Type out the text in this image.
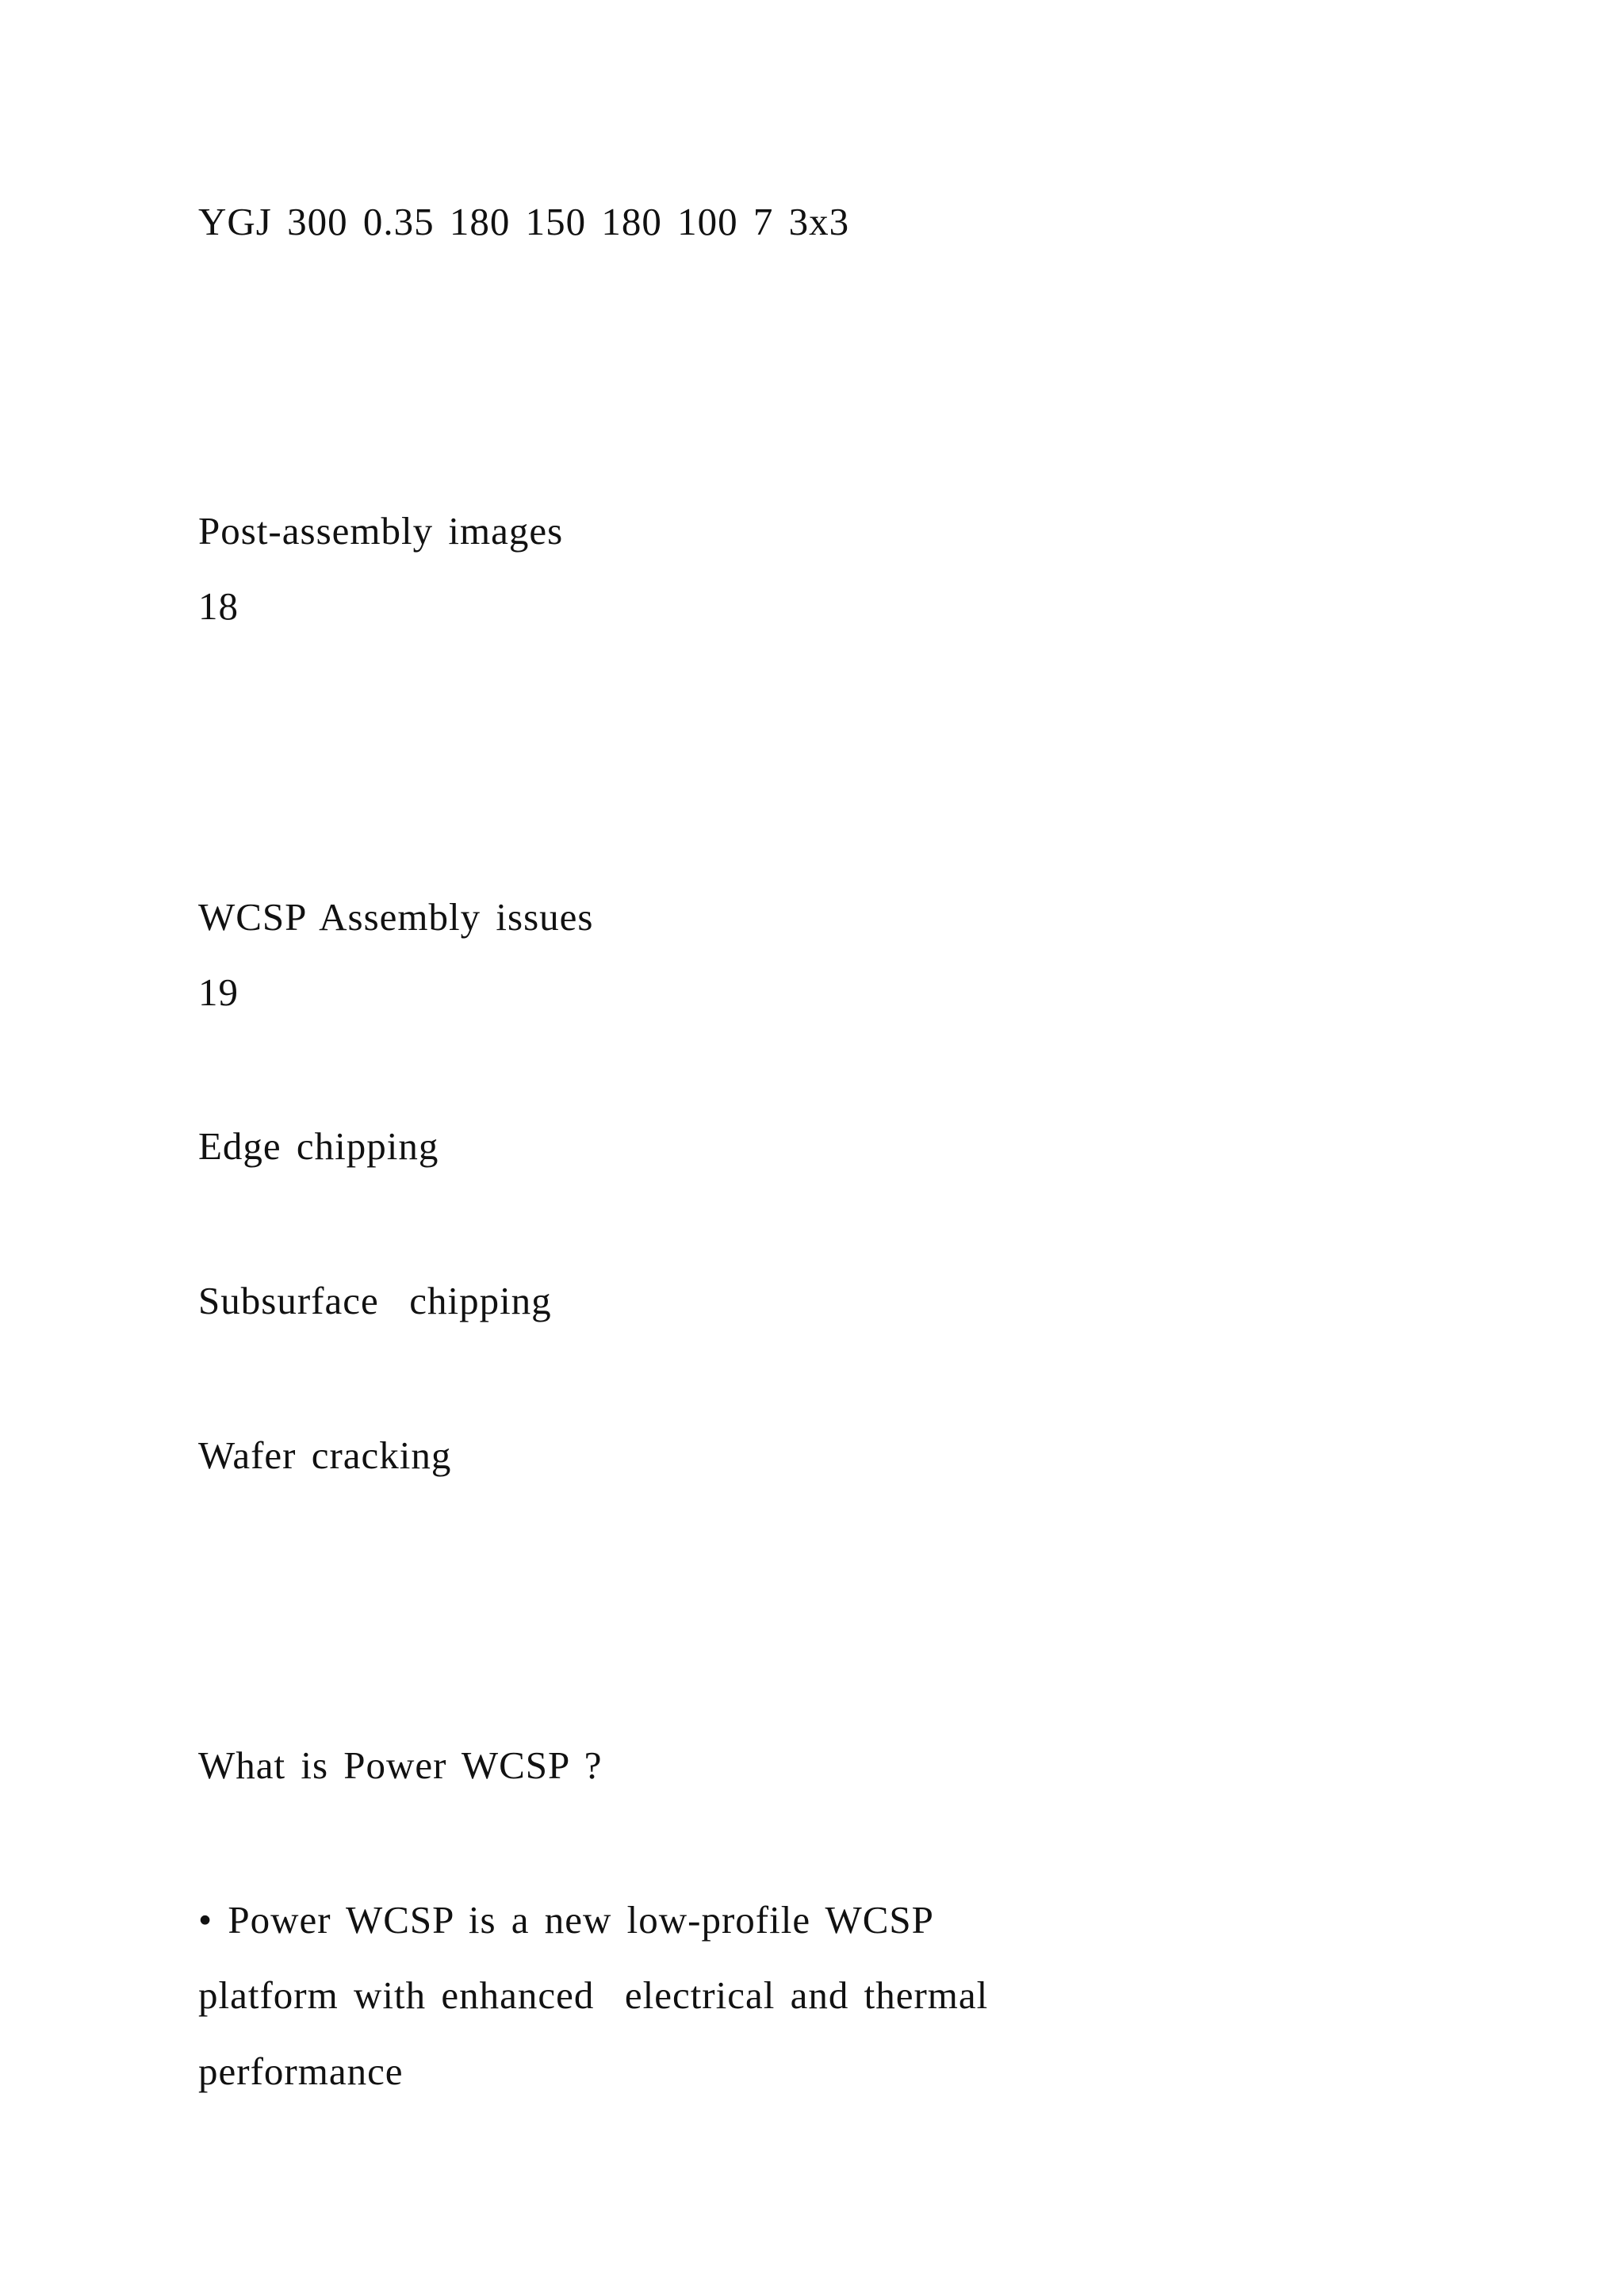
YGJ 300 0.35 180 150 180 100 7 3x3

Post-assembly images

18

WCSP Assembly issues

19

Edge chipping

Subsurface  chipping

Wafer cracking

What is Power WCSP ?

• Power WCSP is a new low-profile WCSP

platform with enhanced  electrical and thermal

performance
